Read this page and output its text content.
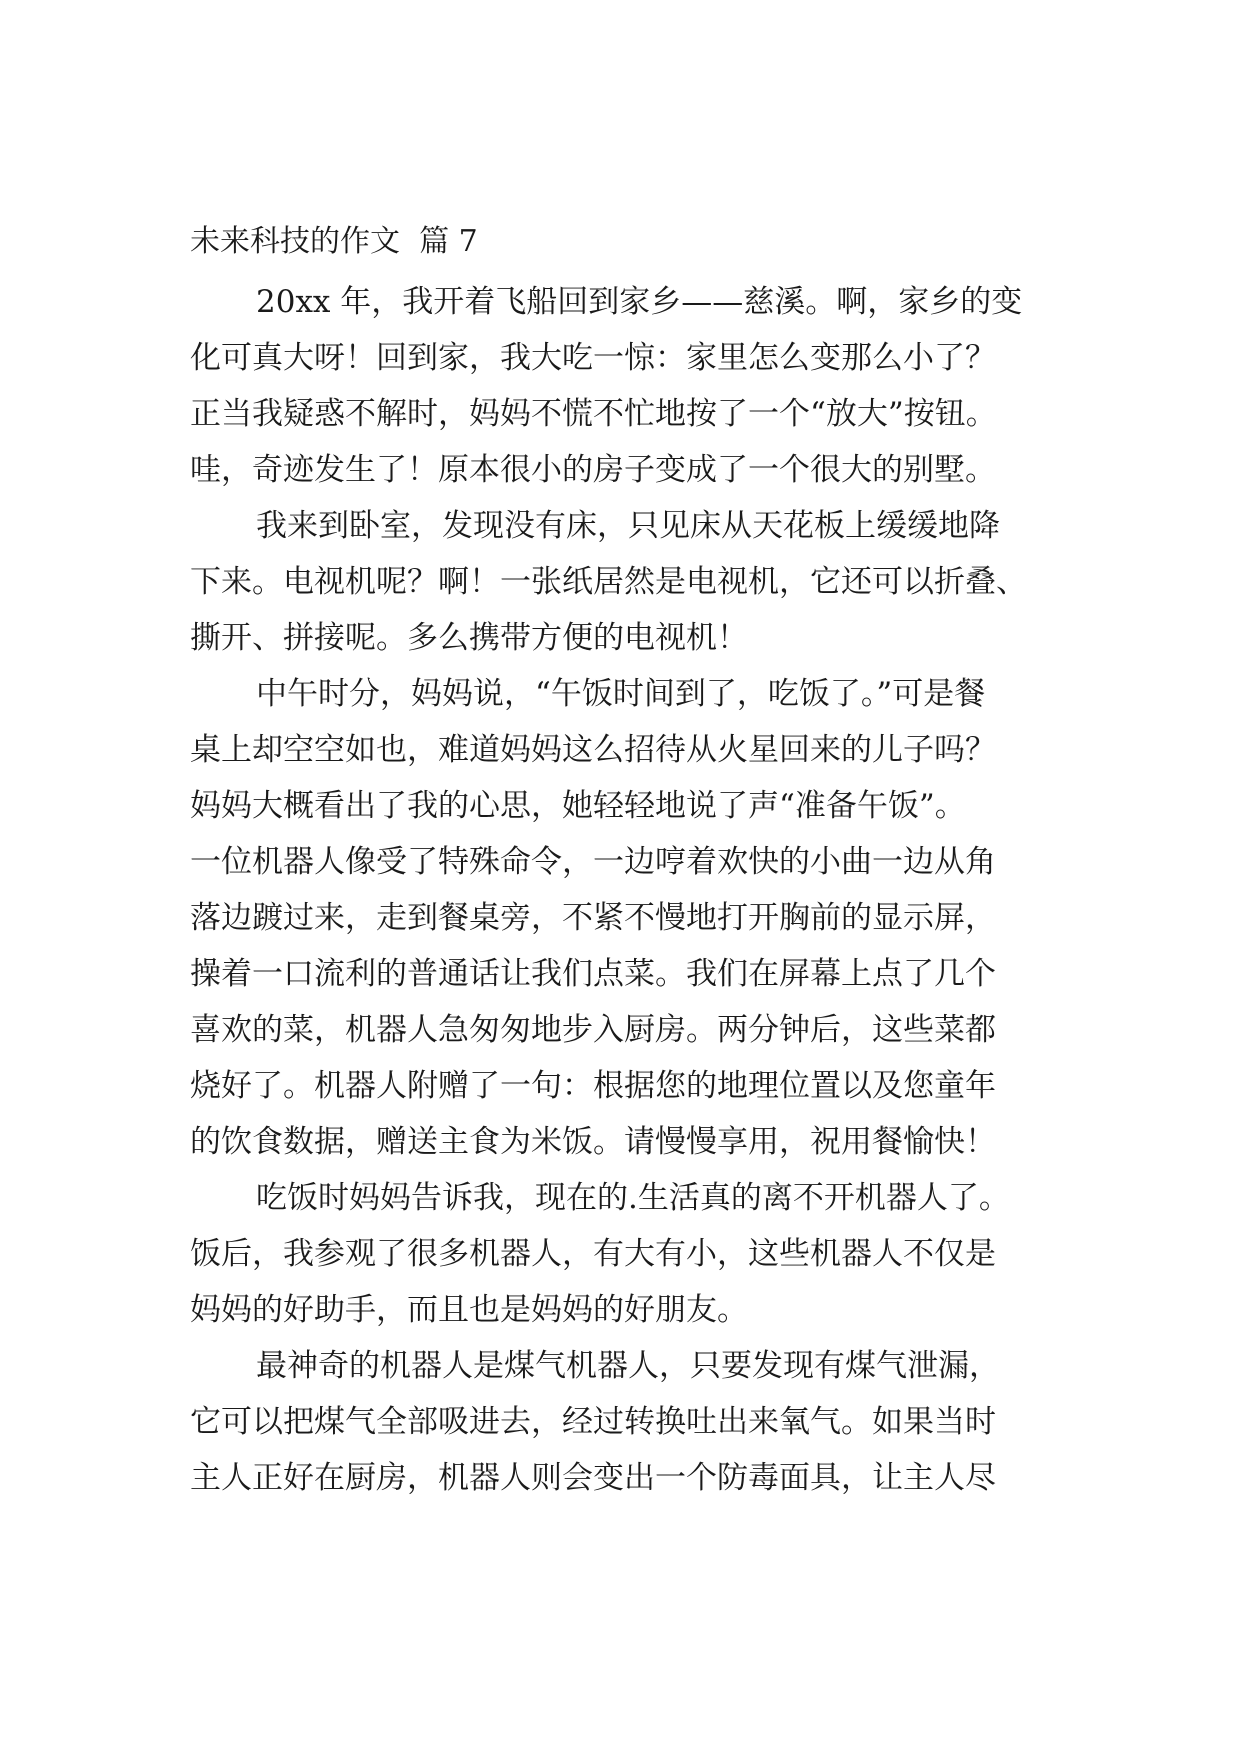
未来科技的作文  篇 7
20xx 年，我开着飞船回到家乡——慈溪。啊，家乡的变
化可真大呀！回到家，我大吃一惊：家里怎么变那么小了？
正当我疑惑不解时，妈妈不慌不忙地按了一个“放大”按钮。
哇，奇迹发生了！原本很小的房子变成了一个很大的别墅。
我来到卧室，发现没有床，只见床从天花板上缓缓地降
下来。电视机呢？啊！一张纸居然是电视机，它还可以折叠、
撕开、拼接呢。多么携带方便的电视机！
中午时分，妈妈说，“午饭时间到了，吃饭了。”可是餐
桌上却空空如也，难道妈妈这么招待从火星回来的儿子吗？
妈妈大概看出了我的心思，她轻轻地说了声“准备午饭”。
一位机器人像受了特殊命令，一边哼着欢快的小曲一边从角
落边踱过来，走到餐桌旁，不紧不慢地打开胸前的显示屏，
操着一口流利的普通话让我们点菜。我们在屏幕上点了几个
喜欢的菜，机器人急匆匆地步入厨房。两分钟后，这些菜都
烧好了。机器人附赠了一句：根据您的地理位置以及您童年
的饮食数据，赠送主食为米饭。请慢慢享用，祝用餐愉快！
吃饭时妈妈告诉我，现在的.生活真的离不开机器人了。
饭后，我参观了很多机器人，有大有小，这些机器人不仅是
妈妈的好助手，而且也是妈妈的好朋友。
最神奇的机器人是煤气机器人，只要发现有煤气泄漏，
它可以把煤气全部吸进去，经过转换吐出来氧气。如果当时
主人正好在厨房，机器人则会变出一个防毒面具，让主人尽
